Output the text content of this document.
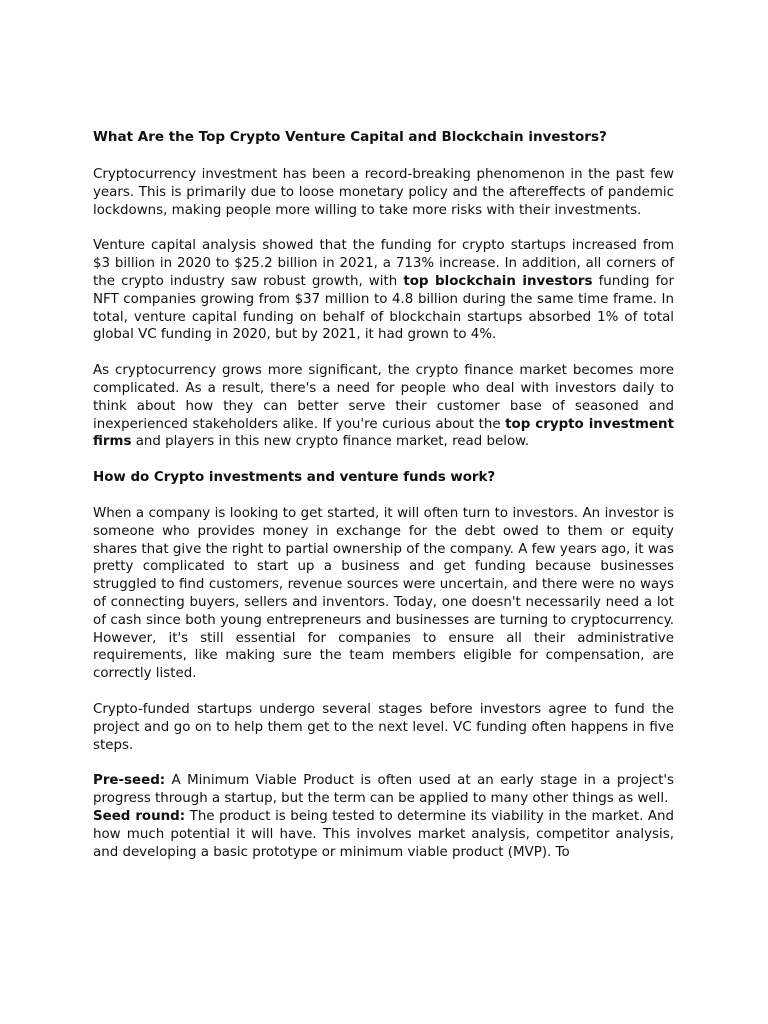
What Are the Top Crypto Venture Capital and Blockchain investors?

Cryptocurrency investment has been a record-breaking phenomenon in the past few years. This is primarily due to loose monetary policy and the aftereffects of pandemic lockdowns, making people more willing to take more risks with their investments.

Venture capital analysis showed that the funding for crypto startups increased from $3 billion in 2020 to $25.2 billion in 2021, a 713% increase. In addition, all corners of the crypto industry saw robust growth, with top blockchain investors funding for NFT companies growing from $37 million to 4.8 billion during the same time frame. In total, venture capital funding on behalf of blockchain startups absorbed 1% of total global VC funding in 2020, but by 2021, it had grown to 4%.

As cryptocurrency grows more significant, the crypto finance market becomes more complicated. As a result, there's a need for people who deal with investors daily to think about how they can better serve their customer base of seasoned and inexperienced stakeholders alike. If you're curious about the top crypto investment firms and players in this new crypto finance market, read below.

How do Crypto investments and venture funds work?

When a company is looking to get started, it will often turn to investors. An investor is someone who provides money in exchange for the debt owed to them or equity shares that give the right to partial ownership of the company. A few years ago, it was pretty complicated to start up a business and get funding because businesses struggled to find customers, revenue sources were uncertain, and there were no ways of connecting buyers, sellers and inventors. Today, one doesn't necessarily need a lot of cash since both young entrepreneurs and businesses are turning to cryptocurrency. However, it's still essential for companies to ensure all their administrative requirements, like making sure the team members eligible for compensation, are correctly listed.

Crypto-funded startups undergo several stages before investors agree to fund the project and go on to help them get to the next level. VC funding often happens in five steps.

Pre-seed: A Minimum Viable Product is often used at an early stage in a project's progress through a startup, but the term can be applied to many other things as well.

Seed round: The product is being tested to determine its viability in the market. And how much potential it will have. This involves market analysis, competitor analysis, and developing a basic prototype or minimum viable product (MVP). To
